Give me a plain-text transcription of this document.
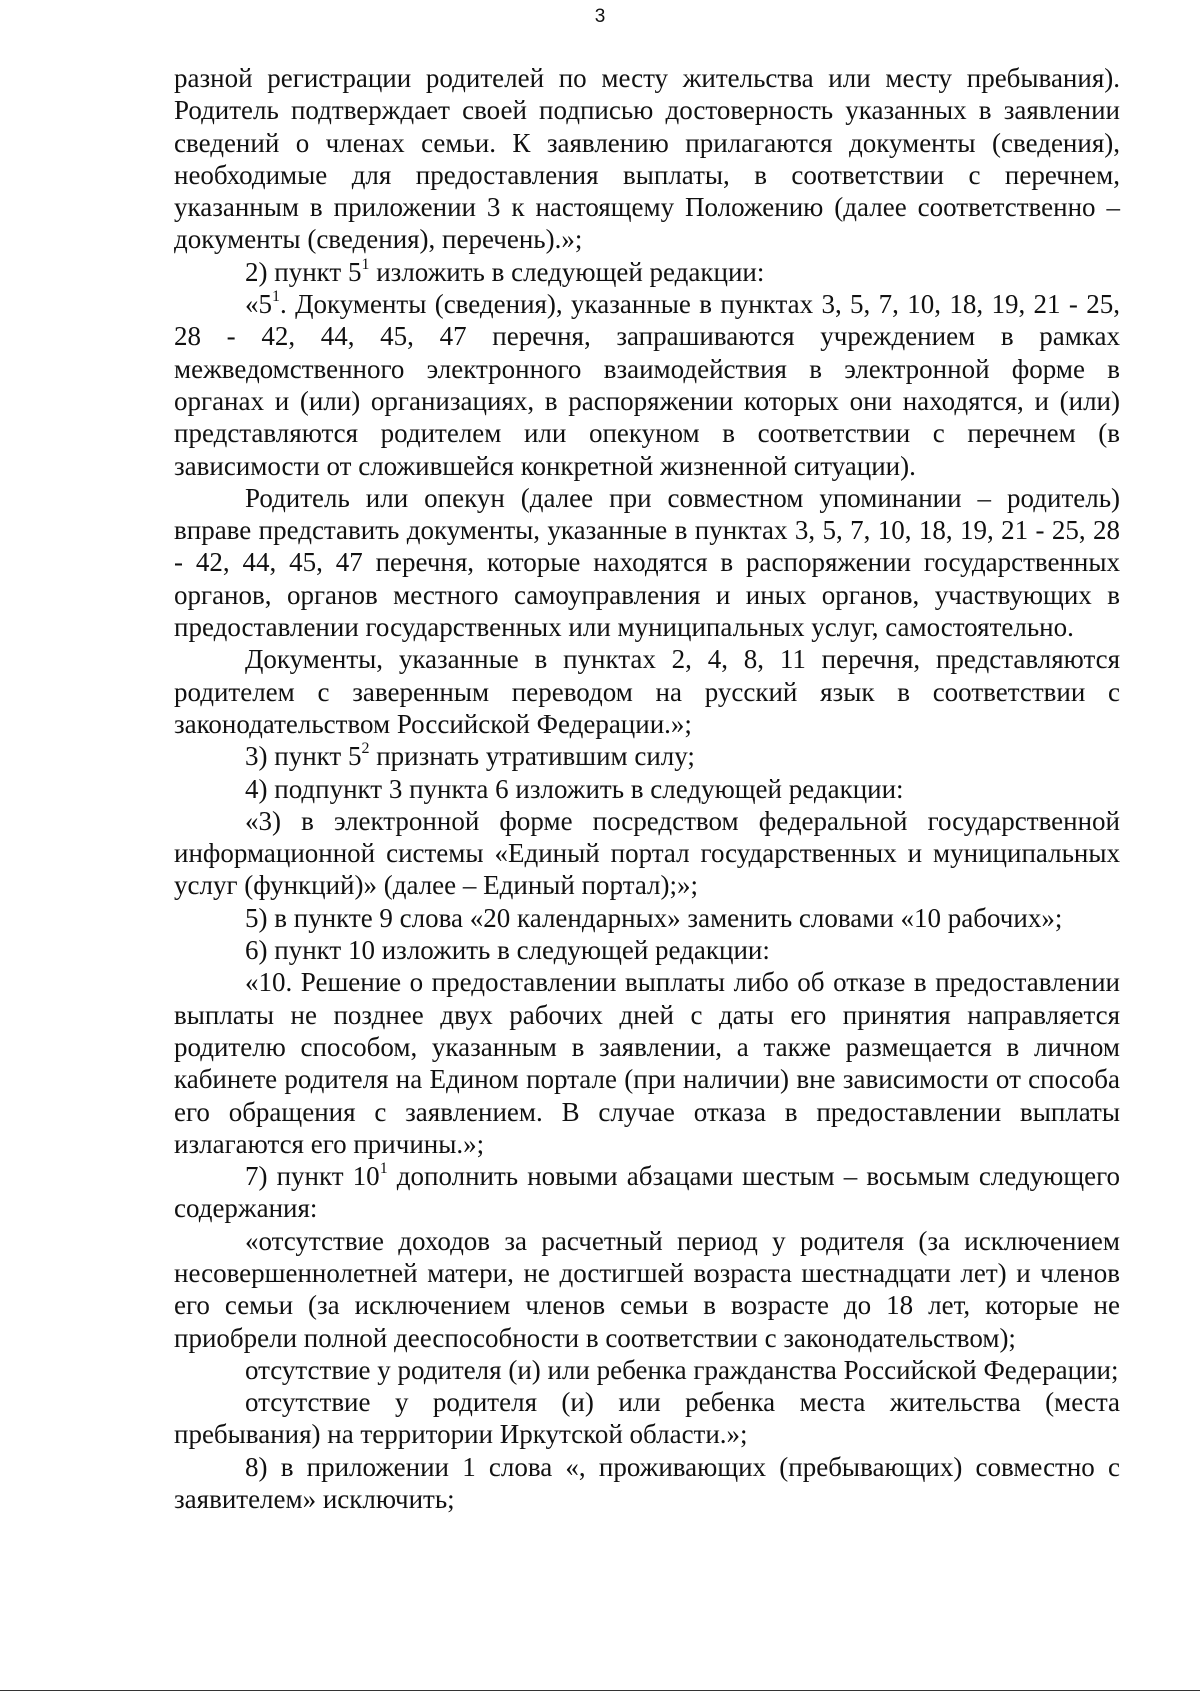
3

разной регистрации родителей по месту жительства или месту пребывания). Родитель подтверждает своей подписью достоверность указанных в заявлении сведений о членах семьи. К заявлению прилагаются документы (сведения), необходимые для предоставления выплаты, в соответствии с перечнем, указанным в приложении 3 к настоящему Положению (далее соответственно – документы (сведения), перечень).»;

2) пункт $5^1$ изложить в следующей редакции:

«$5^1$. Документы (сведения), указанные в пунктах 3, 5, 7, 10, 18, 19, 21 - 25, 28 - 42, 44, 45, 47 перечня, запрашиваются учреждением в рамках межведомственного электронного взаимодействия в электронной форме в органах и (или) организациях, в распоряжении которых они находятся, и (или) представляются родителем или опекуном в соответствии с перечнем (в зависимости от сложившейся конкретной жизненной ситуации).

Родитель или опекун (далее при совместном упоминании – родитель) вправе представить документы, указанные в пунктах 3, 5, 7, 10, 18, 19, 21 - 25, 28 - 42, 44, 45, 47 перечня, которые находятся в распоряжении государственных органов, органов местного самоуправления и иных органов, участвующих в предоставлении государственных или муниципальных услуг, самостоятельно.

Документы, указанные в пунктах 2, 4, 8, 11 перечня, представляются родителем с заверенным переводом на русский язык в соответствии с законодательством Российской Федерации.»;

3) пункт $5^2$ признать утратившим силу;

4) подпункт 3 пункта 6 изложить в следующей редакции:

«3) в электронной форме посредством федеральной государственной информационной системы «Единый портал государственных и муниципальных услуг (функций)» (далее – Единый портал);»;

5) в пункте 9 слова «20 календарных» заменить словами «10 рабочих»;

6) пункт 10 изложить в следующей редакции:

«10. Решение о предоставлении выплаты либо об отказе в предоставлении выплаты не позднее двух рабочих дней с даты его принятия направляется родителю способом, указанным в заявлении, а также размещается в личном кабинете родителя на Едином портале (при наличии) вне зависимости от способа его обращения с заявлением. В случае отказа в предоставлении выплаты излагаются его причины.»;

7) пункт $10^1$ дополнить новыми абзацами шестым – восьмым следующего содержания:

«отсутствие доходов за расчетный период у родителя (за исключением несовершеннолетней матери, не достигшей возраста шестнадцати лет) и членов его семьи (за исключением членов семьи в возрасте до 18 лет, которые не приобрели полной дееспособности в соответствии с законодательством);

отсутствие у родителя (и) или ребенка гражданства Российской Федерации;

отсутствие у родителя (и) или ребенка места жительства (места пребывания) на территории Иркутской области.»;

8) в приложении 1 слова «, проживающих (пребывающих) совместно с заявителем» исключить;
